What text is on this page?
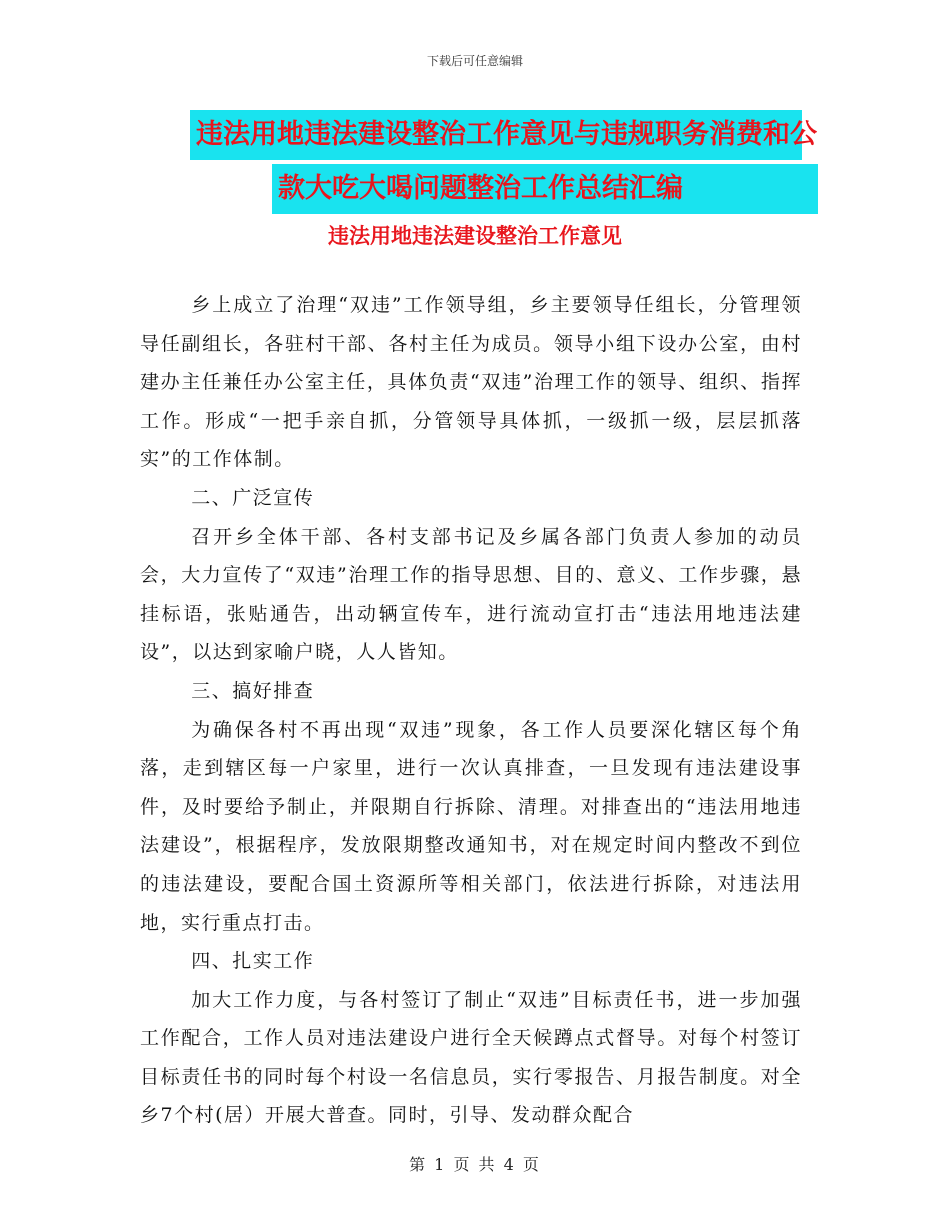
下载后可任意编辑
违法用地违法建设整治工作意见与违规职务消费和公
款大吃大喝问题整治工作总结汇编
违法用地违法建设整治工作意见

乡上成立了治理“双违”工作领导组，乡主要领导任组长，分管理领导任副组长，各驻村干部、各村主任为成员。领导小组下设办公室，由村建办主任兼任办公室主任，具体负责“双违”治理工作的领导、组织、指挥工作。形成“一把手亲自抓，分管领导具体抓，一级抓一级，层层抓落实”的工作体制。

二、广泛宣传

召开乡全体干部、各村支部书记及乡属各部门负责人参加的动员会，大力宣传了“双违”治理工作的指导思想、目的、意义、工作步骤，悬挂标语，张贴通告，出动辆宣传车，进行流动宣打击“违法用地违法建设”，以达到家喻户晓，人人皆知。

三、搞好排查

为确保各村不再出现“双违”现象，各工作人员要深化辖区每个角落，走到辖区每一户家里，进行一次认真排查，一旦发现有违法建设事件，及时要给予制止，并限期自行拆除、清理。对排查出的“违法用地违法建设”，根据程序，发放限期整改通知书，对在规定时间内整改不到位的违法建设，要配合国土资源所等相关部门，依法进行拆除，对违法用地，实行重点打击。

四、扎实工作

加大工作力度，与各村签订了制止“双违”目标责任书，进一步加强工作配合，工作人员对违法建设户进行全天候蹲点式督导。对每个村签订目标责任书的同时每个村设一名信息员，实行零报告、月报告制度。对全乡7个村(居）开展大普查。同时，引导、发动群众配合

第 1 页 共 4 页
